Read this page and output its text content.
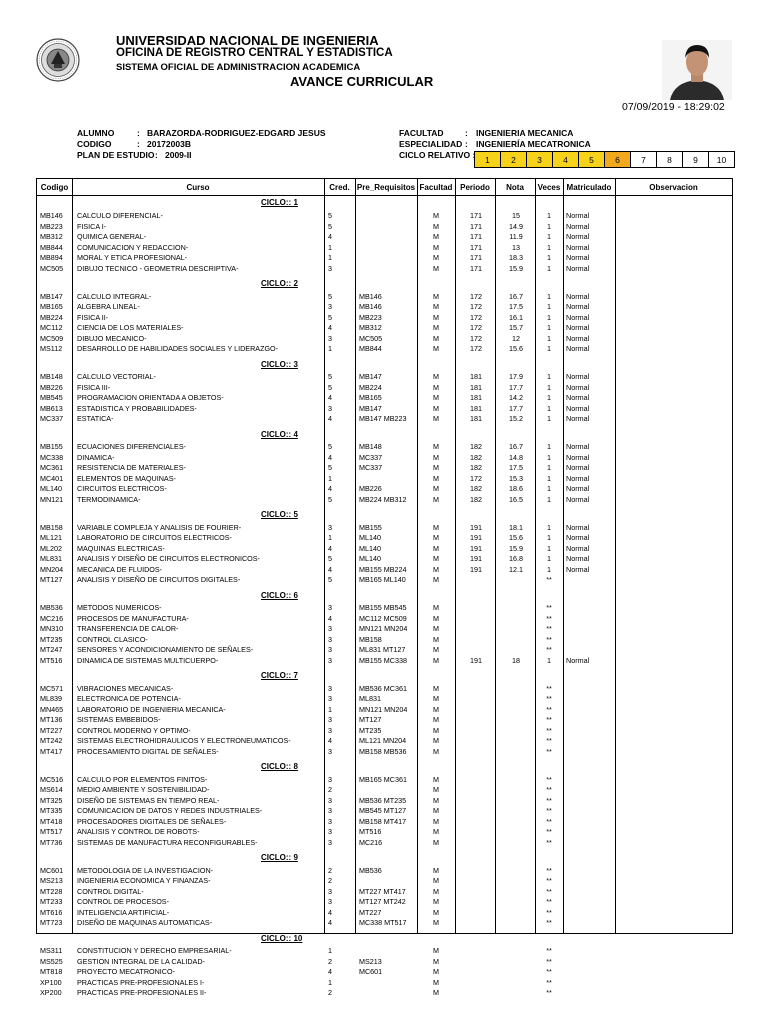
UNIVERSIDAD NACIONAL DE INGENIERIA
OFICINA DE REGISTRO CENTRAL Y ESTADISTICA
SISTEMA OFICIAL DE ADMINISTRACION ACADEMICA
AVANCE CURRICULAR
07/09/2019 - 18:29:02
ALUMNO	: BARAZORDA-RODRIGUEZ-EDGARD JESUS
CODIGO	: 20172003B
PLAN DE ESTUDIO : 2009-II
FACULTAD	: INGENIERIA MECANICA
ESPECIALIDAD : INGENIERÍA MECATRONICA
CICLO RELATIVO :	1	2	3	4	5	6	7	8	9	10
Codigo	Curso	Cred. Pre_Requisitos Facultad Periodo	Nota	Veces Matriculado	Observacion
CICLO:: 1
MB146 CALCULO DIFERENCIAL-	5	M	171	15	1	Normal
MB223 FISICA I-	5	M	171	14.9	1	Normal
MB312 QUIMICA GENERAL-	4	M	171	11.9	1	Normal
MB844 COMUNICACION Y REDACCION-	1	M	171	13	1	Normal
MB894 MORAL Y ETICA PROFESIONAL-	1	M	171	18.3	1	Normal
MC505 DIBUJO TECNICO - GEOMETRIA DESCRIPTIVA-	3	M	171	15.9	1	Normal
CICLO:: 2
MB147 CALCULO INTEGRAL-	5	MB146	M	172	16.7	1	Normal
MB165 ALGEBRA LINEAL-	3	MB146	M	172	17.5	1	Normal
MB224 FISICA II-	5	MB223	M	172	16.1	1	Normal
MC112 CIENCIA DE LOS MATERIALES-	4	MB312	M	172	15.7	1	Normal
MC509 DIBUJO MECANICO-	3	MC505	M	172	12	1	Normal
MS112 DESARROLLO DE HABILIDADES SOCIALES Y LIDERAZGO-	1	MB844	M	172	15.6	1	Normal
CICLO:: 3
MB148 CALCULO VECTORIAL-	5	MB147	M	181	17.9	1	Normal
MB226 FISICA III-	5	MB224	M	181	17.7	1	Normal
MB545 PROGRAMACION ORIENTADA A OBJETOS-	4	MB165	M	181	14.2	1	Normal
MB613 ESTADISTICA Y PROBABILIDADES-	3	MB147	M	181	17.7	1	Normal
MC337 ESTATICA-	4	MB147 MB223	M	181	15.2	1	Normal
CICLO:: 4
MB155 ECUACIONES DIFERENCIALES-	5	MB148	M	182	16.7	1	Normal
MC338 DINAMICA-	4	MC337	M	182	14.8	1	Normal
MC361 RESISTENCIA DE MATERIALES-	5	MC337	M	182	17.5	1	Normal
MC401 ELEMENTOS DE MAQUINAS-	1	M	172	15.3	1	Normal
ML140 CIRCUITOS ELECTRICOS-	4	MB226	M	182	18.6	1	Normal
MN121 TERMODINAMICA-	5	MB224 MB312	M	182	16.5	1	Normal
CICLO:: 5
MB158 VARIABLE COMPLEJA Y ANALISIS DE FOURIER-	3	MB155	M	191	18.1	1	Normal
ML121 LABORATORIO DE CIRCUITOS ELECTRICOS-	1	ML140	M	191	15.6	1	Normal
ML202 MAQUINAS ELECTRICAS-	4	ML140	M	191	15.9	1	Normal
ML831 ANALISIS Y DISEÑO DE CIRCUITOS ELECTRONICOS-	5	ML140	M	191	16.8	1	Normal
MN204 MECANICA DE FLUIDOS-	4	MB155 MB224	M	191	12.1	1	Normal
MT127 ANALISIS Y DISEÑO DE CIRCUITOS DIGITALES-	5	MB165 ML140	M	**
CICLO:: 6
MB536 METODOS NUMERICOS-	3	MB155 MB545	M	**
MC216 PROCESOS DE MANUFACTURA-	4	MC112 MC509	M	**
MN310 TRANSFERENCIA DE CALOR-	3	MN121 MN204	M	**
MT235 CONTROL CLASICO-	3	MB158	M	**
MT247 SENSORES Y ACONDICIONAMIENTO DE SEÑALES-	3	ML831 MT127	M	**
MT516 DINAMICA DE SISTEMAS MULTICUERPO-	3	MB155 MC338	M	191	18	1	Normal
CICLO:: 7
MC571 VIBRACIONES MECANICAS-	3	MB536 MC361	M	**
ML839 ELECTRONICA DE POTENCIA-	3	ML831	M	**
MN465 LABORATORIO DE INGENIERIA MECANICA-	1	MN121 MN204	M	**
MT136 SISTEMAS EMBEBIDOS-	3	MT127	M	**
MT227 CONTROL MODERNO Y OPTIMO-	3	MT235	M	**
MT242 SISTEMAS ELECTROHIDRAULICOS Y ELECTRONEUMATICOS-	4	ML121 MN204	M	**
MT417 PROCESAMIENTO DIGITAL DE SEÑALES-	3	MB158 MB536	M	**
CICLO:: 8
MC516 CALCULO POR ELEMENTOS FINITOS-	3	MB165 MC361	M	**
MS614 MEDIO AMBIENTE Y SOSTENIBILIDAD-	2	M	**
MT325 DISEÑO DE SISTEMAS EN TIEMPO REAL-	3	MB536 MT235	M	**
MT335 COMUNICACION DE DATOS Y REDES INDUSTRIALES-	3	MB545 MT127	M	**
MT418 PROCESADORES DIGITALES DE SEÑALES-	3	MB158 MT417	M	**
MT517 ANALISIS Y CONTROL DE ROBOTS-	3	MT516	M	**
MT736 SISTEMAS DE MANUFACTURA RECONFIGURABLES-	3	MC216	M	**
CICLO:: 9
MC601 METODOLOGIA DE LA INVESTIGACION-	2	MB536	M	**
MS213 INGENIERIA ECONOMICA Y FINANZAS-	2	M	**
MT228 CONTROL DIGITAL-	3	MT227 MT417	M	**
MT233 CONTROL DE PROCESOS-	3	MT127 MT242	M	**
MT616 INTELIGENCIA ARTIFICIAL-	4	MT227	M	**
MT723 DISEÑO DE MAQUINAS AUTOMATICAS-	4	MC338 MT517	M	**
CICLO:: 10
MS311 CONSTITUCION Y DERECHO EMPRESARIAL-	1	M	**
MS525 GESTION INTEGRAL DE LA CALIDAD-	2	MS213	M	**
MT818 PROYECTO MECATRONICO-	4	MC601	M	**
XP100 PRACTICAS PRE-PROFESIONALES I-	1	M	**
XP200 PRACTICAS PRE-PROFESIONALES II-	2	M	**
